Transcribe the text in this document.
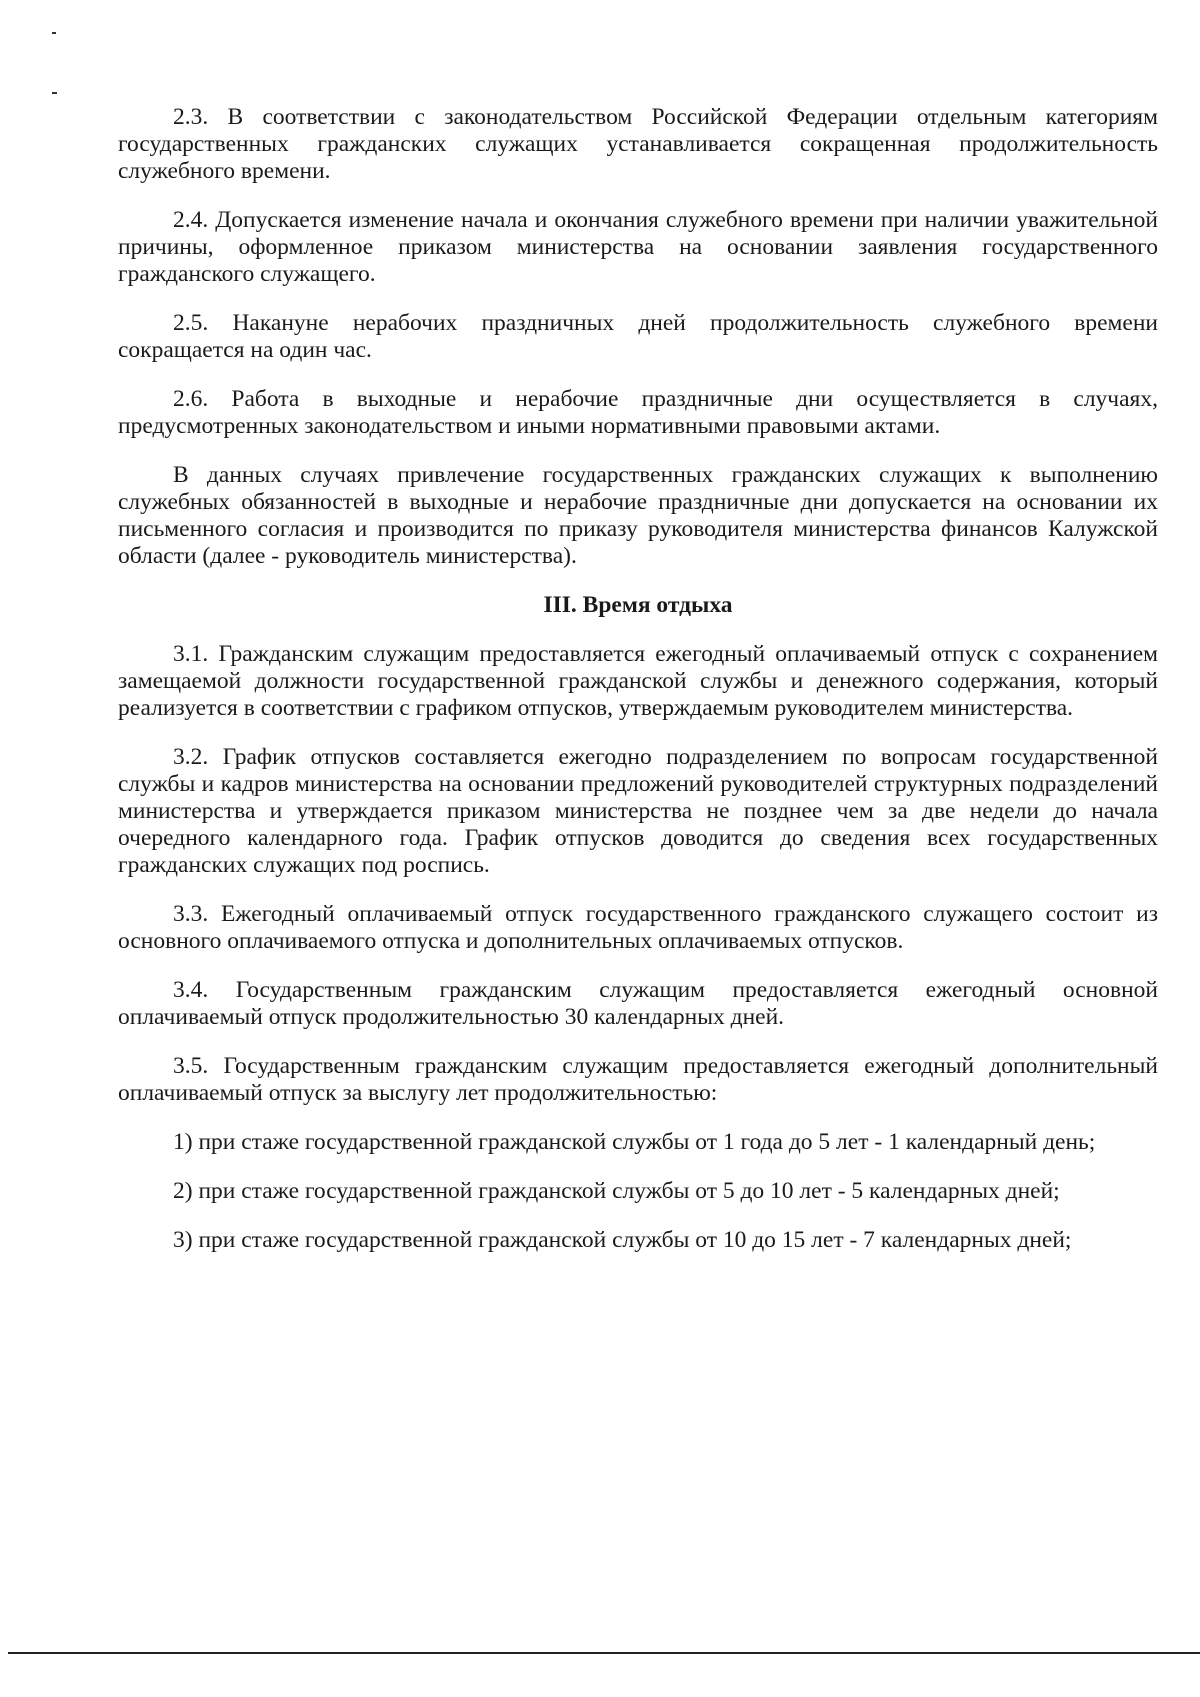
2.3. В соответствии с законодательством Российской Федерации отдельным категориям государственных гражданских служащих устанавливается сокращенная продолжительность служебного времени.

2.4. Допускается изменение начала и окончания служебного времени при наличии уважительной причины, оформленное приказом министерства на основании заявления государственного гражданского служащего.

2.5. Накануне нерабочих праздничных дней продолжительность служебного времени сокращается на один час.

2.6. Работа в выходные и нерабочие праздничные дни осуществляется в случаях, предусмотренных законодательством и иными нормативными правовыми актами.

В данных случаях привлечение государственных гражданских служащих к выполнению служебных обязанностей в выходные и нерабочие праздничные дни допускается на основании их письменного согласия и производится по приказу руководителя министерства финансов Калужской области (далее - руководитель министерства).

III. Время отдыха

3.1. Гражданским служащим предоставляется ежегодный оплачиваемый отпуск с сохранением замещаемой должности государственной гражданской службы и денежного содержания, который реализуется в соответствии с графиком отпусков, утверждаемым руководителем министерства.

3.2. График отпусков составляется ежегодно подразделением по вопросам государственной службы и кадров министерства на основании предложений руководителей структурных подразделений министерства и утверждается приказом министерства не позднее чем за две недели до начала очередного календарного года. График отпусков доводится до сведения всех государственных гражданских служащих под роспись.

3.3. Ежегодный оплачиваемый отпуск государственного гражданского служащего состоит из основного оплачиваемого отпуска и дополнительных оплачиваемых отпусков.

3.4. Государственным гражданским служащим предоставляется ежегодный основной оплачиваемый отпуск продолжительностью 30 календарных дней.

3.5. Государственным гражданским служащим предоставляется ежегодный дополнительный оплачиваемый отпуск за выслугу лет продолжительностью:

1) при стаже государственной гражданской службы от 1 года до 5 лет - 1 календарный день;

2) при стаже государственной гражданской службы от 5 до 10 лет - 5 календарных дней;

3) при стаже государственной гражданской службы от 10 до 15 лет - 7 календарных дней;
